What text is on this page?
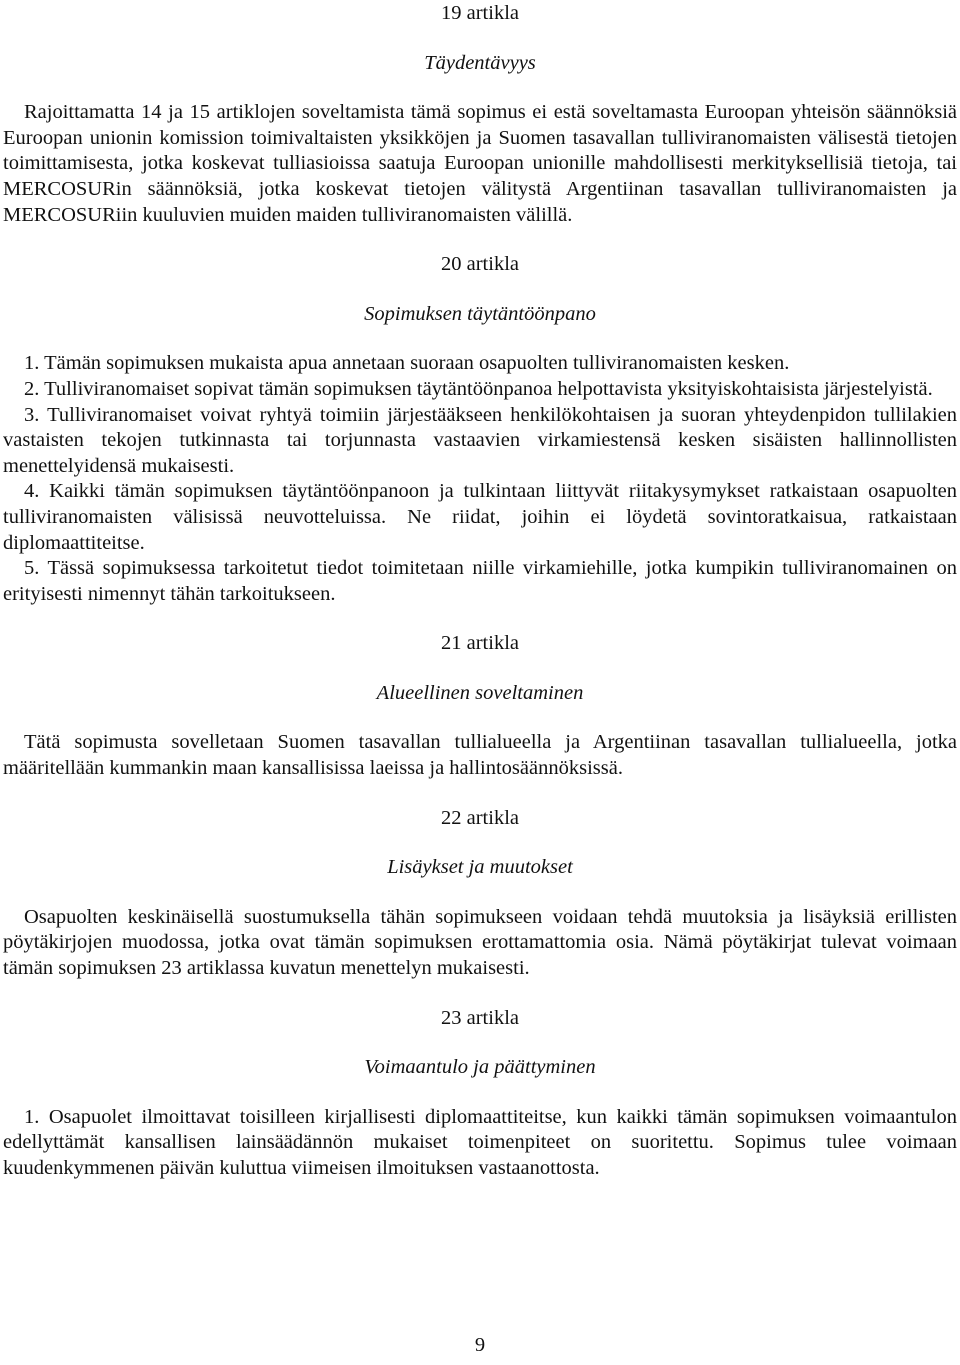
19 artikla

Täydentävyys

Rajoittamatta 14 ja 15 artiklojen soveltamista tämä sopimus ei estä soveltamasta Euroopan yhteisön säännöksiä Euroopan unionin komission toimivaltaisten yksikköjen ja Suomen tasavallan tulliviranomaisten välisestä tietojen toimittamisesta, jotka koskevat tulliasioissa saatuja Euroopan unionille mahdollisesti merkityksellisiä tietoja, tai MERCOSURin säännöksiä, jotka koskevat tietojen välitystä Argentiinan tasavallan tulliviranomaisten ja MERCOSURiin kuuluvien muiden maiden tulliviranomaisten välillä.

20 artikla

Sopimuksen täytäntöönpano

1. Tämän sopimuksen mukaista apua annetaan suoraan osapuolten tulliviranomaisten kesken.

2. Tulliviranomaiset sopivat tämän sopimuksen täytäntöönpanoa helpottavista yksityiskohtaisista järjestelyistä.

3. Tulliviranomaiset voivat ryhtyä toimiin järjestääkseen henkilökohtaisen ja suoran yhteydenpidon tullilakien vastaisten tekojen tutkinnasta tai torjunnasta vastaavien virkamiestensä kesken sisäisten hallinnollisten menettelyidensä mukaisesti.

4. Kaikki tämän sopimuksen täytäntöönpanoon ja tulkintaan liittyvät riitakysymykset ratkaistaan osapuolten tulliviranomaisten välisissä neuvotteluissa. Ne riidat, joihin ei löydetä sovintoratkaisua, ratkaistaan diplomaattiteitse.

5. Tässä sopimuksessa tarkoitetut tiedot toimitetaan niille virkamiehille, jotka kumpikin tulliviranomainen on erityisesti nimennyt tähän tarkoitukseen.

21 artikla

Alueellinen soveltaminen

Tätä sopimusta sovelletaan Suomen tasavallan tullialueella ja Argentiinan tasavallan tullialueella, jotka määritellään kummankin maan kansallisissa laeissa ja hallintosäännöksissä.

22 artikla

Lisäykset ja muutokset

Osapuolten keskinäisellä suostumuksella tähän sopimukseen voidaan tehdä muutoksia ja lisäyksiä erillisten pöytäkirjojen muodossa, jotka ovat tämän sopimuksen erottamattomia osia. Nämä pöytäkirjat tulevat voimaan tämän sopimuksen 23 artiklassa kuvatun menettelyn mukaisesti.

23 artikla

Voimaantulo ja päättyminen

1. Osapuolet ilmoittavat toisilleen kirjallisesti diplomaattiteitse, kun kaikki tämän sopimuksen voimaantulon edellyttämät kansallisen lainsäädännön mukaiset toimenpiteet on suoritettu. Sopimus tulee voimaan kuudenkymmenen päivän kuluttua viimeisen ilmoituksen vastaanottosta.

9
